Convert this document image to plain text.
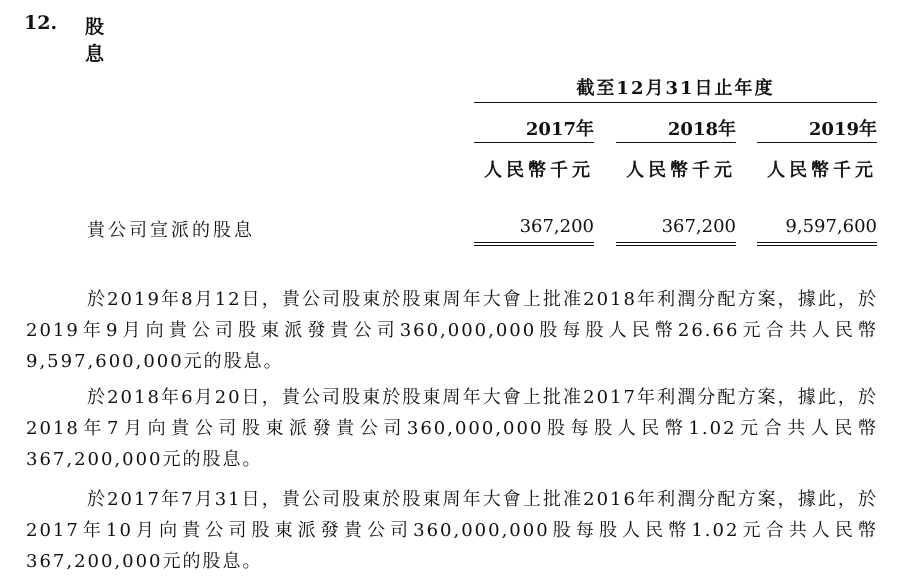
12. 股息
截至12月31日止年度
2017年	2018年	2019年
人民幣千元	人民幣千元	人民幣千元
貴公司宣派的股息	367,200	367,200	9,597,600

於2019年8月12日，貴公司股東於股東周年大會上批准2018年利潤分配方案，據此，於2019年9月向貴公司股東派發貴公司360,000,000股每股人民幣26.66元合共人民幣9,597,600,000元的股息。

於2018年6月20日，貴公司股東於股東周年大會上批准2017年利潤分配方案，據此，於2018年7月向貴公司股東派發貴公司360,000,000股每股人民幣1.02元合共人民幣367,200,000元的股息。

於2017年7月31日，貴公司股東於股東周年大會上批准2016年利潤分配方案，據此，於2017年10月向貴公司股東派發貴公司360,000,000股每股人民幣1.02元合共人民幣367,200,000元的股息。
